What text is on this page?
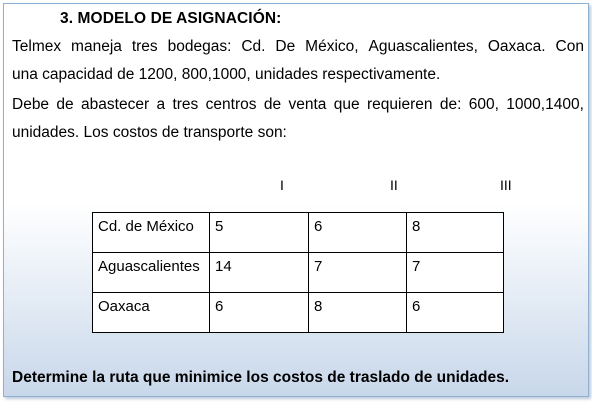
3. MODELO DE ASIGNACIÓN:
Telmex maneja tres bodegas: Cd. De México, Aguascalientes, Oaxaca. Con
una capacidad de 1200, 800,1000, unidades respectivamente.
Debe de abastecer a tres centros de venta que requieren de: 600, 1000,1400,
unidades. Los costos de transporte son:
I	II	III
Cd. de México	5	6	8
Aguascalientes	14	7	7
Oaxaca	6	8	6
Determine la ruta que minimice los costos de traslado de unidades.
